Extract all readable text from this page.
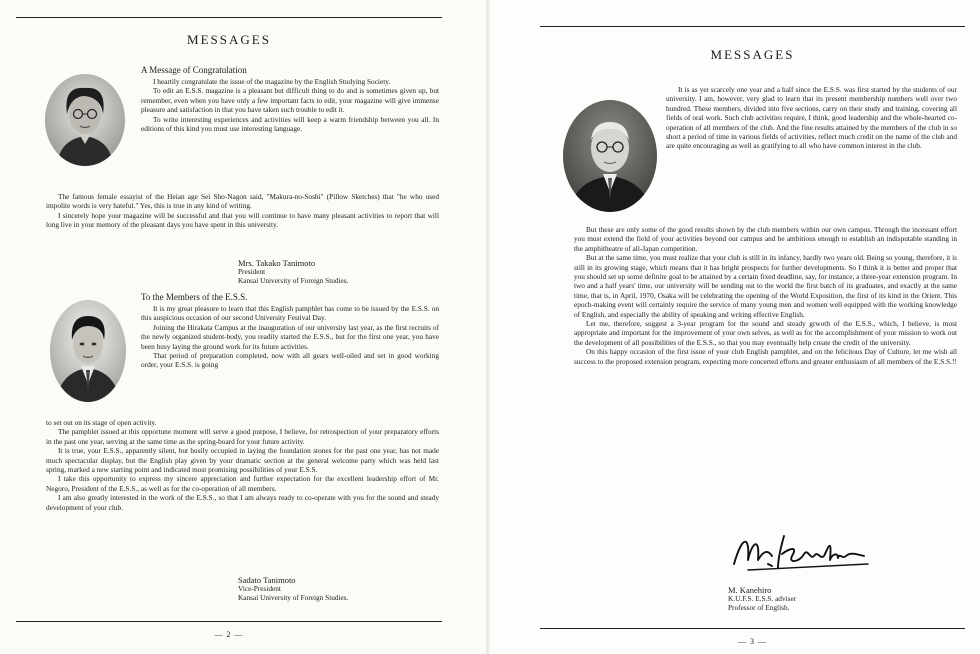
MESSAGES
A Message of Congratulation

I heartily congratulate the issue of the magazine by the English Studying Society.

To edit an E.S.S. magazine is a pleasant but difficult thing to do and is sometimes given up, but remember, even when you have only a few important facts to edit, your magazine will give immense pleasure and satisfaction in that you have taken such trouble to edit it.

To write interesting experiences and activities will keep a warm friendship between you all. In editions of this kind you must use interesting language.

The famous female essayist of the Heian age Sei Sho-Nagon said, "Makura-no-Soshi" (Pillow Sketches) that "he who used impolite words is very hateful." Yes, this is true in any kind of writing.

I sincerely hope your magazine will be successful and that you will continue to have many pleasant activities to report that will long live in your memory of the pleasant days you have spent in this university.

Mrs. Takako Tanimoto
President
Kansai University of Foreign Studies.
To the Members of the E.S.S.

It is my great pleasure to learn that this English pamphlet has come to be issued by the E.S.S. on this auspicious occasion of our second University Festival Day.

Joining the Hirakata Campus at the inauguration of our university last year, as the first recruits of the newly organized student-body, you readily started the E.S.S., but for the first one year, you have been busy laying the ground work for its future activities.

That period of preparation completed, now with all gears well-oiled and set in good working order, your E.S.S. is going

to set out on its stage of open activity.

The pamphlet issued at this opportune moment will serve a good purpose, I believe, for retrospection of your preparatory efforts in the past one year, serving at the same time as the spring-board for your future activity.

It is true, your E.S.S., apparently silent, but busily occupied in laying the foundation stones for the past one year, has not made much spectacular display, but the English play given by your dramatic section at the general welcome party which was held last spring, marked a new starting point and indicated most promising possibilities of your E.S.S.

I take this opportunity to express my sincere appreciation and further expectation for the excellent leadership effort of Mr. Negoro, President of the E.S.S., as well as for the co-operation of all members.

I am also greatly interested in the work of the E.S.S., so that I am always ready to co-operate with you for the sound and steady development of your club.

Sadato Tanimoto
Vice-President
Kansai University of Foreign Studies.
— 2 —
MESSAGES

It is as yet scarcely one year and a half since the E.S.S. was first started by the students of our university. I am, however, very glad to learn that its present membership numbers well over two hundred. These members, divided into five sections, carry on their study and training, covering all fields of oral work. Such club activities require, I think, good leadership and the whole-hearted co-operation of all members of the club. And the fine results attained by the members of the club in so short a period of time in various fields of activities, reflect much credit on the name of the club and are quite encouraging as well as gratifying to all who have common interest in the club.

But these are only some of the good results shown by the club members within our own campus. Through the incessant effort you must extend the field of your activities beyond our campus and be ambitious enough to establish an indisputable standing in the amphitheatre of all-Japan competition.

But at the same time, you must realize that your club is still in its infancy, hardly two years old. Being so young, therefore, it is still in its growing stage, which means that it has bright prospects for further developments. So I think it is better and proper that you should set up some definite goal to be attained by a certain fixed deadline, say, for instance, a three-year extension program. In two and a half years' time, our university will be sending out to the world the first batch of its graduates, and exactly at the same time, that is, in April, 1970, Osaka will be celebrating the opening of the World Exposition, the first of its kind in the Orient. This epoch-making event will certainly require the service of many young men and women well equipped with the working knowledge of English, and especially the ability of speaking and writing effective English.

Let me, therefore, suggest a 3-year program for the sound and steady grwoth of the E.S.S., which, I believe, is most appropriate and important for the improvement of your own selves, as well as for the accomplishment of your mission to work out the development of all possibilities of the E.S.S., so that you may eventually help create the credit of the university.

On this happy occasion of the first issue of your club English pamphlet, and on the felicitous Day of Culture, let me wish all success to the proposed extension program, expecting more concerted efforts and greater enthusiasm of all members of the E.S.S.!!

M. Kanehiro
K.U.F.S. E.S.S. adviser
Professor of English.
— 3 —
